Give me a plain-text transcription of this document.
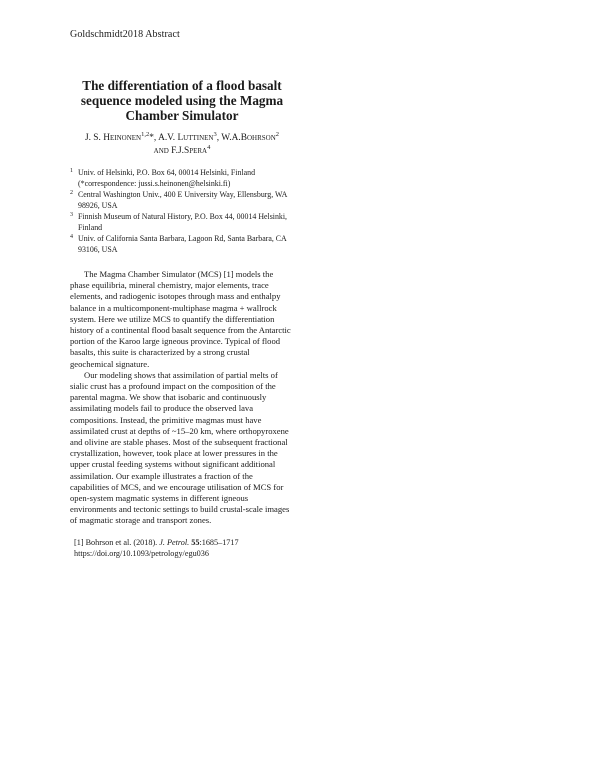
Goldschmidt2018 Abstract
The differentiation of a flood basalt sequence modeled using the Magma Chamber Simulator
J. S. Heinonen$^{1,2}$*, A.V. Luttinen$^3$, W.A.Bohrson$^2$
and F.J.Spera$^4$
1 Univ. of Helsinki, P.O. Box 64, 00014 Helsinki, Finland (*correspondence: jussi.s.heinonen@helsinki.fi)
2 Central Washington Univ., 400 E University Way, Ellensburg, WA 98926, USA
3 Finnish Museum of Natural History, P.O. Box 44, 00014 Helsinki, Finland
4 Univ. of California Santa Barbara, Lagoon Rd, Santa Barbara, CA 93106, USA

The Magma Chamber Simulator (MCS) [1] models the phase equilibria, mineral chemistry, major elements, trace elements, and radiogenic isotopes through mass and enthalpy balance in a multicomponent-multiphase magma + wallrock system. Here we utilize MCS to quantify the differentiation history of a continental flood basalt sequence from the Antarctic portion of the Karoo large igneous province. Typical of flood basalts, this suite is characterized by a strong crustal geochemical signature.

Our modeling shows that assimilation of partial melts of sialic crust has a profound impact on the composition of the parental magma. We show that isobaric and continuously assimilating models fail to produce the observed lava compositions. Instead, the primitive magmas must have assimilated crust at depths of ~15–20 km, where orthopyroxene and olivine are stable phases. Most of the subsequent fractional crystallization, however, took place at lower pressures in the upper crustal feeding systems without significant additional assimilation. Our example illustrates a fraction of the capabilities of MCS, and we encourage utilisation of MCS for open-system magmatic systems in different igneous environments and tectonic settings to build crustal-scale images of magmatic storage and transport zones.

[1] Bohrson et al. (2018). J. Petrol. 55:1685–1717
https://doi.org/10.1093/petrology/egu036
